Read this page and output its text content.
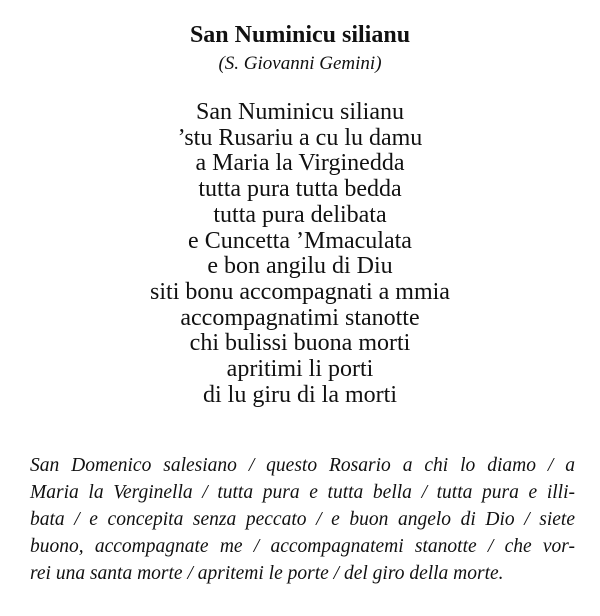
San Numinicu silianu

(S. Giovanni Gemini)

San Numinicu silianu
’stu Rusariu a cu lu damu
a Maria la Virginedda
tutta pura tutta bedda
tutta pura delibata
e Cuncetta ’Mmaculata
e bon angilu di Diu
siti bonu accompagnati a mmia
accompagnatimi stanotte
chi bulissi buona morti
apritimi li porti
di lu giru di la morti

San Domenico salesiano / questo Rosario a chi lo diamo / a
Maria la Verginella / tutta pura e tutta bella / tutta pura e illi-
bata / e concepita senza peccato / e buon angelo di Dio / siete
buono, accompagnate me / accompagnatemi stanotte / che vor-
rei una santa morte / apritemi le porte / del giro della morte.
